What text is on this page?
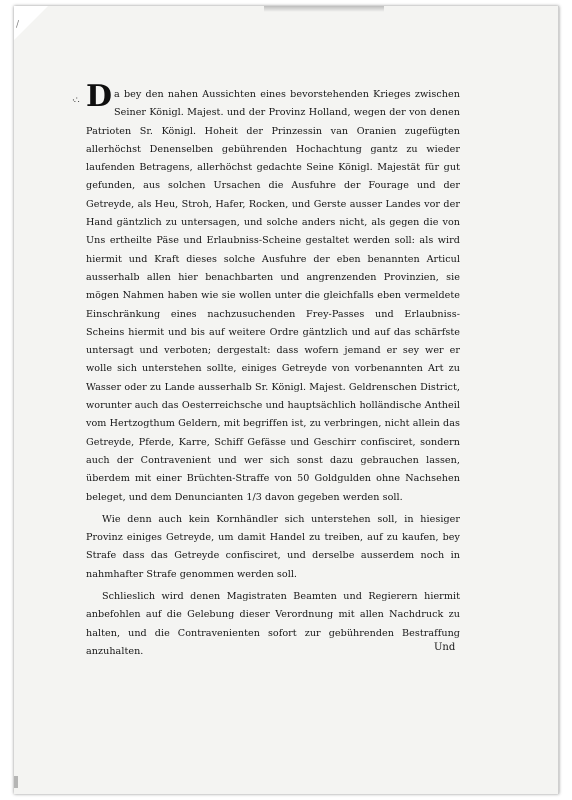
/

·∴ D a bey den nahen Aussichten eines bevorstehenden Krieges zwischen Seiner Königl. Majest. und der Provinz Holland, wegen der von denen Patrioten Sr. Königl. Hoheit der Prinzessin van Oranien zugefügten allerhöchst Denenselben gebührenden Hochachtung gantz zu wieder laufenden Betragens, allerhöchst gedachte Seine Königl. Majestät für gut gefunden, aus solchen Ursachen die Ausfuhre der Fourage und der Getreyde, als Heu, Stroh, Hafer, Rocken, und Gerste ausser Landes vor der Hand gäntzlich zu untersagen, und solche anders nicht, als gegen die von Uns ertheilte Päse und Erlaubniss-Scheine gestaltet werden soll: als wird hiermit und Kraft dieses solche Ausfuhre der eben benannten Articul ausserhalb allen hier benachbarten und angrenzenden Provinzien, sie mögen Nahmen haben wie sie wollen unter die gleichfalls eben vermeldete Einschränkung eines nachzusuchenden Frey-Passes und Erlaubniss-Scheins hiermit und bis auf weitere Ordre gäntzlich und auf das schärfste untersagt und verboten; dergestalt: dass wofern jemand er sey wer er wolle sich unterstehen sollte, einiges Getreyde von vorbenannten Art zu Wasser oder zu Lande ausserhalb Sr. Königl. Majest. Geldrenschen District, worunter auch das Oesterreichsche und hauptsächlich holländische Antheil vom Hertzogthum Geldern, mit begriffen ist, zu verbringen, nicht allein das Getreyde, Pferde, Karre, Schiff Gefässe und Geschirr confisciret, sondern auch der Contravenient und wer sich sonst dazu gebrauchen lassen, überdem mit einer Brüchten-Straffe von 50 Goldgulden ohne Nachsehen beleget, und dem Denuncianten 1/3 davon gegeben werden soll.

Wie denn auch kein Kornhändler sich unterstehen soll, in hiesiger Provinz einiges Getreyde, um damit Handel zu treiben, auf zu kaufen, bey Strafe dass das Getreyde confisciret, und derselbe ausserdem noch in nahmhafter Strafe genommen werden soll.

Schlieslich wird denen Magistraten Beamten und Regierern hiermit anbefohlen auf die Gelebung dieser Verordnung mit allen Nachdruck zu halten, und die Contravenienten sofort zur gebührenden Bestraffung anzuhalten.	Und
